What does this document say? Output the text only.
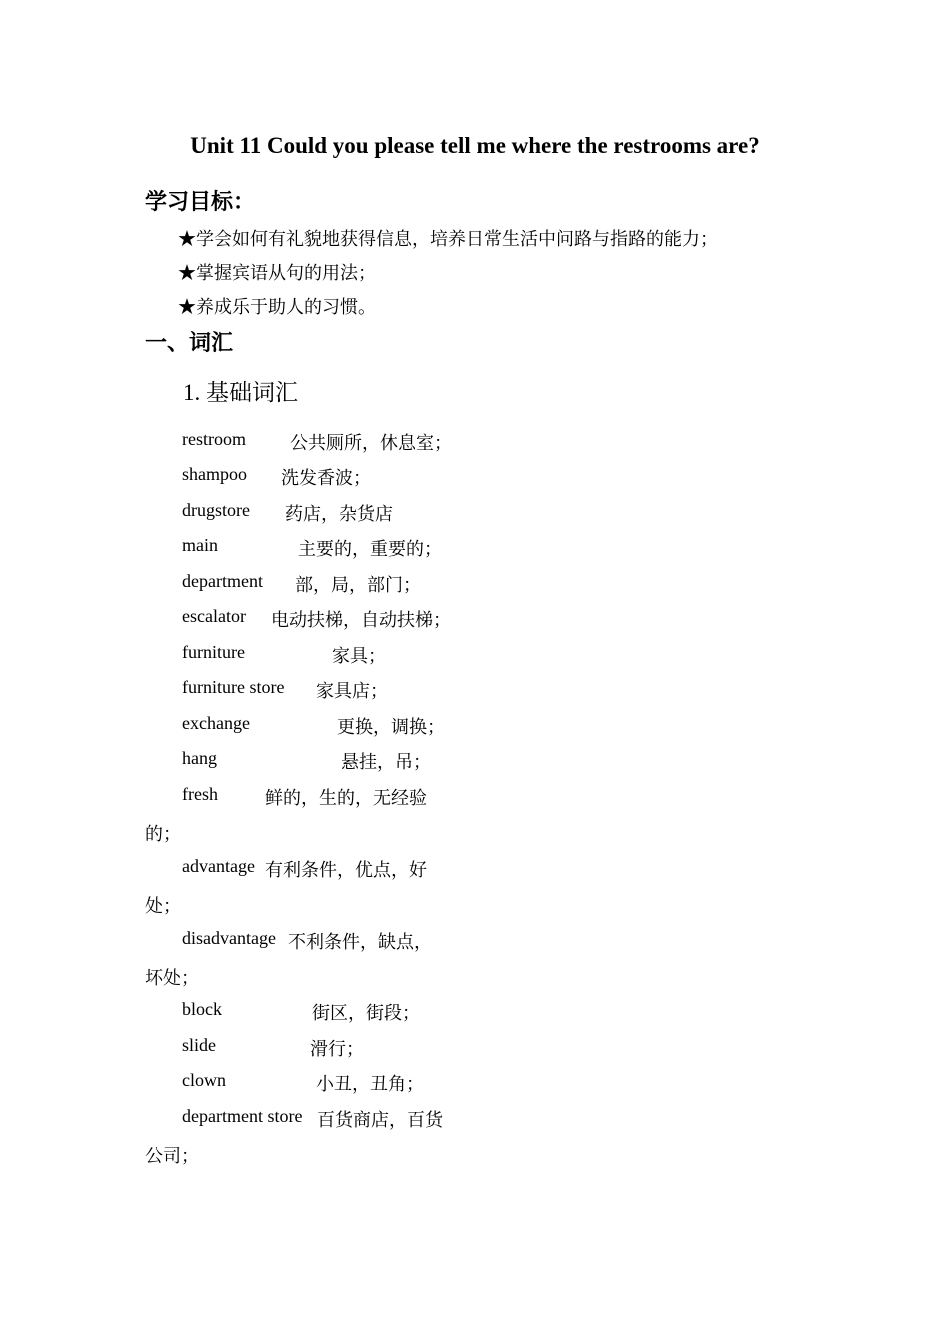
Unit 11 Could you please tell me where the restrooms are?
学习目标：
★学会如何有礼貌地获得信息，培养日常生活中问路与指路的能力；
★掌握宾语从句的用法；
★养成乐于助人的习惯。
一、词汇
1. 基础词汇
restroom 公共厕所，休息室；
shampoo 洗发香波；
drugstore 药店，杂货店
main	主要的，重要的；
department 部，局，部门；
escalator 电动扶梯，自动扶梯；
furniture	家具；
furniture store 家具店；
exchange	更换，调换；
hang	悬挂，吊；
fresh	鲜的，生的，无经验
的；
advantage 有利条件，优点，好
处；
disadvantage 不利条件，缺点，
坏处；
block	街区，街段；
slide	滑行；
clown	小丑，丑角；
department store 百货商店，百货
公司；
